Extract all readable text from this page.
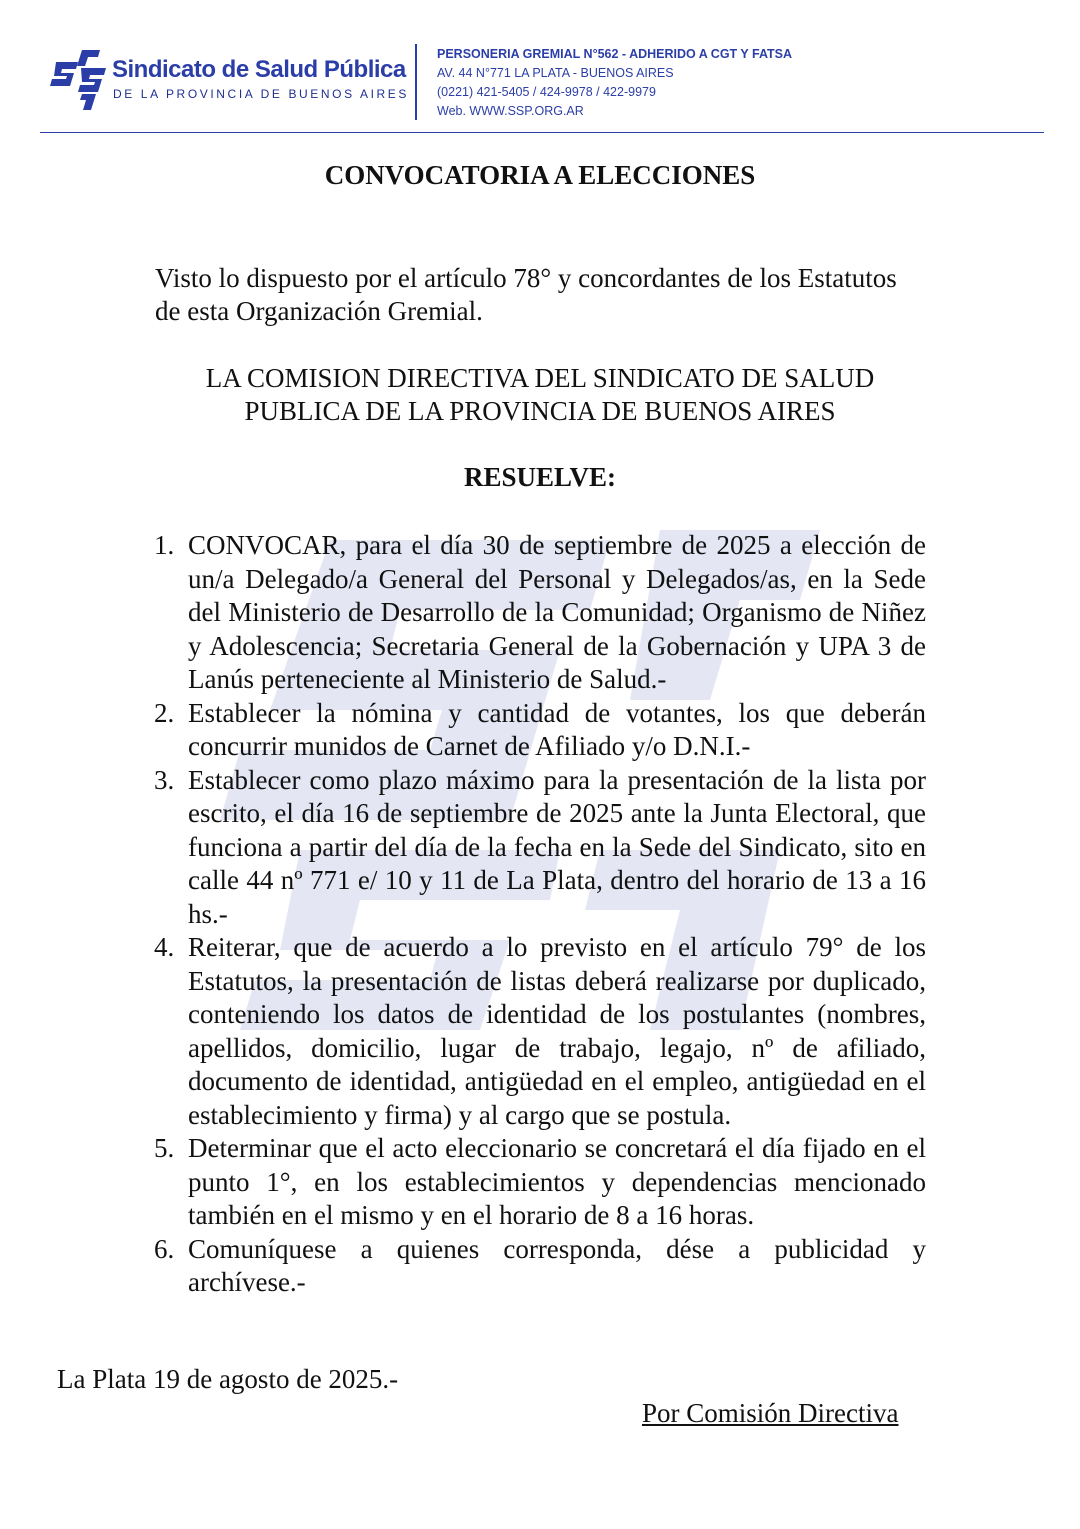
Sindicato de Salud Pública
DE LA PROVINCIA DE BUENOS AIRES
PERSONERIA GREMIAL N°562 - ADHERIDO A CGT Y FATSA
AV. 44 N°771 LA PLATA - BUENOS AIRES
(0221) 421-5405 / 424-9978 / 422-9979
Web. WWW.SSP.ORG.AR
CONVOCATORIA A ELECCIONES
Visto lo dispuesto por el artículo 78° y concordantes de los Estatutos de esta Organización Gremial.
LA COMISION DIRECTIVA DEL SINDICATO DE SALUD PUBLICA DE LA PROVINCIA DE BUENOS AIRES
RESUELVE:
1. CONVOCAR, para el día 30 de septiembre de 2025 a elección de un/a Delegado/a General del Personal y Delegados/as, en la Sede del Ministerio de Desarrollo de la Comunidad; Organismo de Niñez y Adolescencia; Secretaria General de la Gobernación y UPA 3 de Lanús perteneciente al Ministerio de Salud.-
2. Establecer la nómina y cantidad de votantes, los que deberán concurrir munidos de Carnet de Afiliado y/o D.N.I.-
3. Establecer como plazo máximo para la presentación de la lista por escrito, el día 16 de septiembre de 2025 ante la Junta Electoral, que funciona a partir del día de la fecha en la Sede del Sindicato, sito en calle 44 nº 771 e/ 10 y 11 de La Plata, dentro del horario de 13 a 16 hs.-
4. Reiterar, que de acuerdo a lo previsto en el artículo 79° de los Estatutos, la presentación de listas deberá realizarse por duplicado, conteniendo los datos de identidad de los postulantes (nombres, apellidos, domicilio, lugar de trabajo, legajo, nº de afiliado, documento de identidad, antigüedad en el empleo, antigüedad en el establecimiento y firma) y al cargo que se postula.
5. Determinar que el acto eleccionario se concretará el día fijado en el punto 1°, en los establecimientos y dependencias mencionado también en el mismo y en el horario de 8 a 16 horas.
6. Comuníquese a quienes corresponda, dése a publicidad y archívese.-
La Plata 19 de agosto de 2025.-
Por Comisión Directiva
